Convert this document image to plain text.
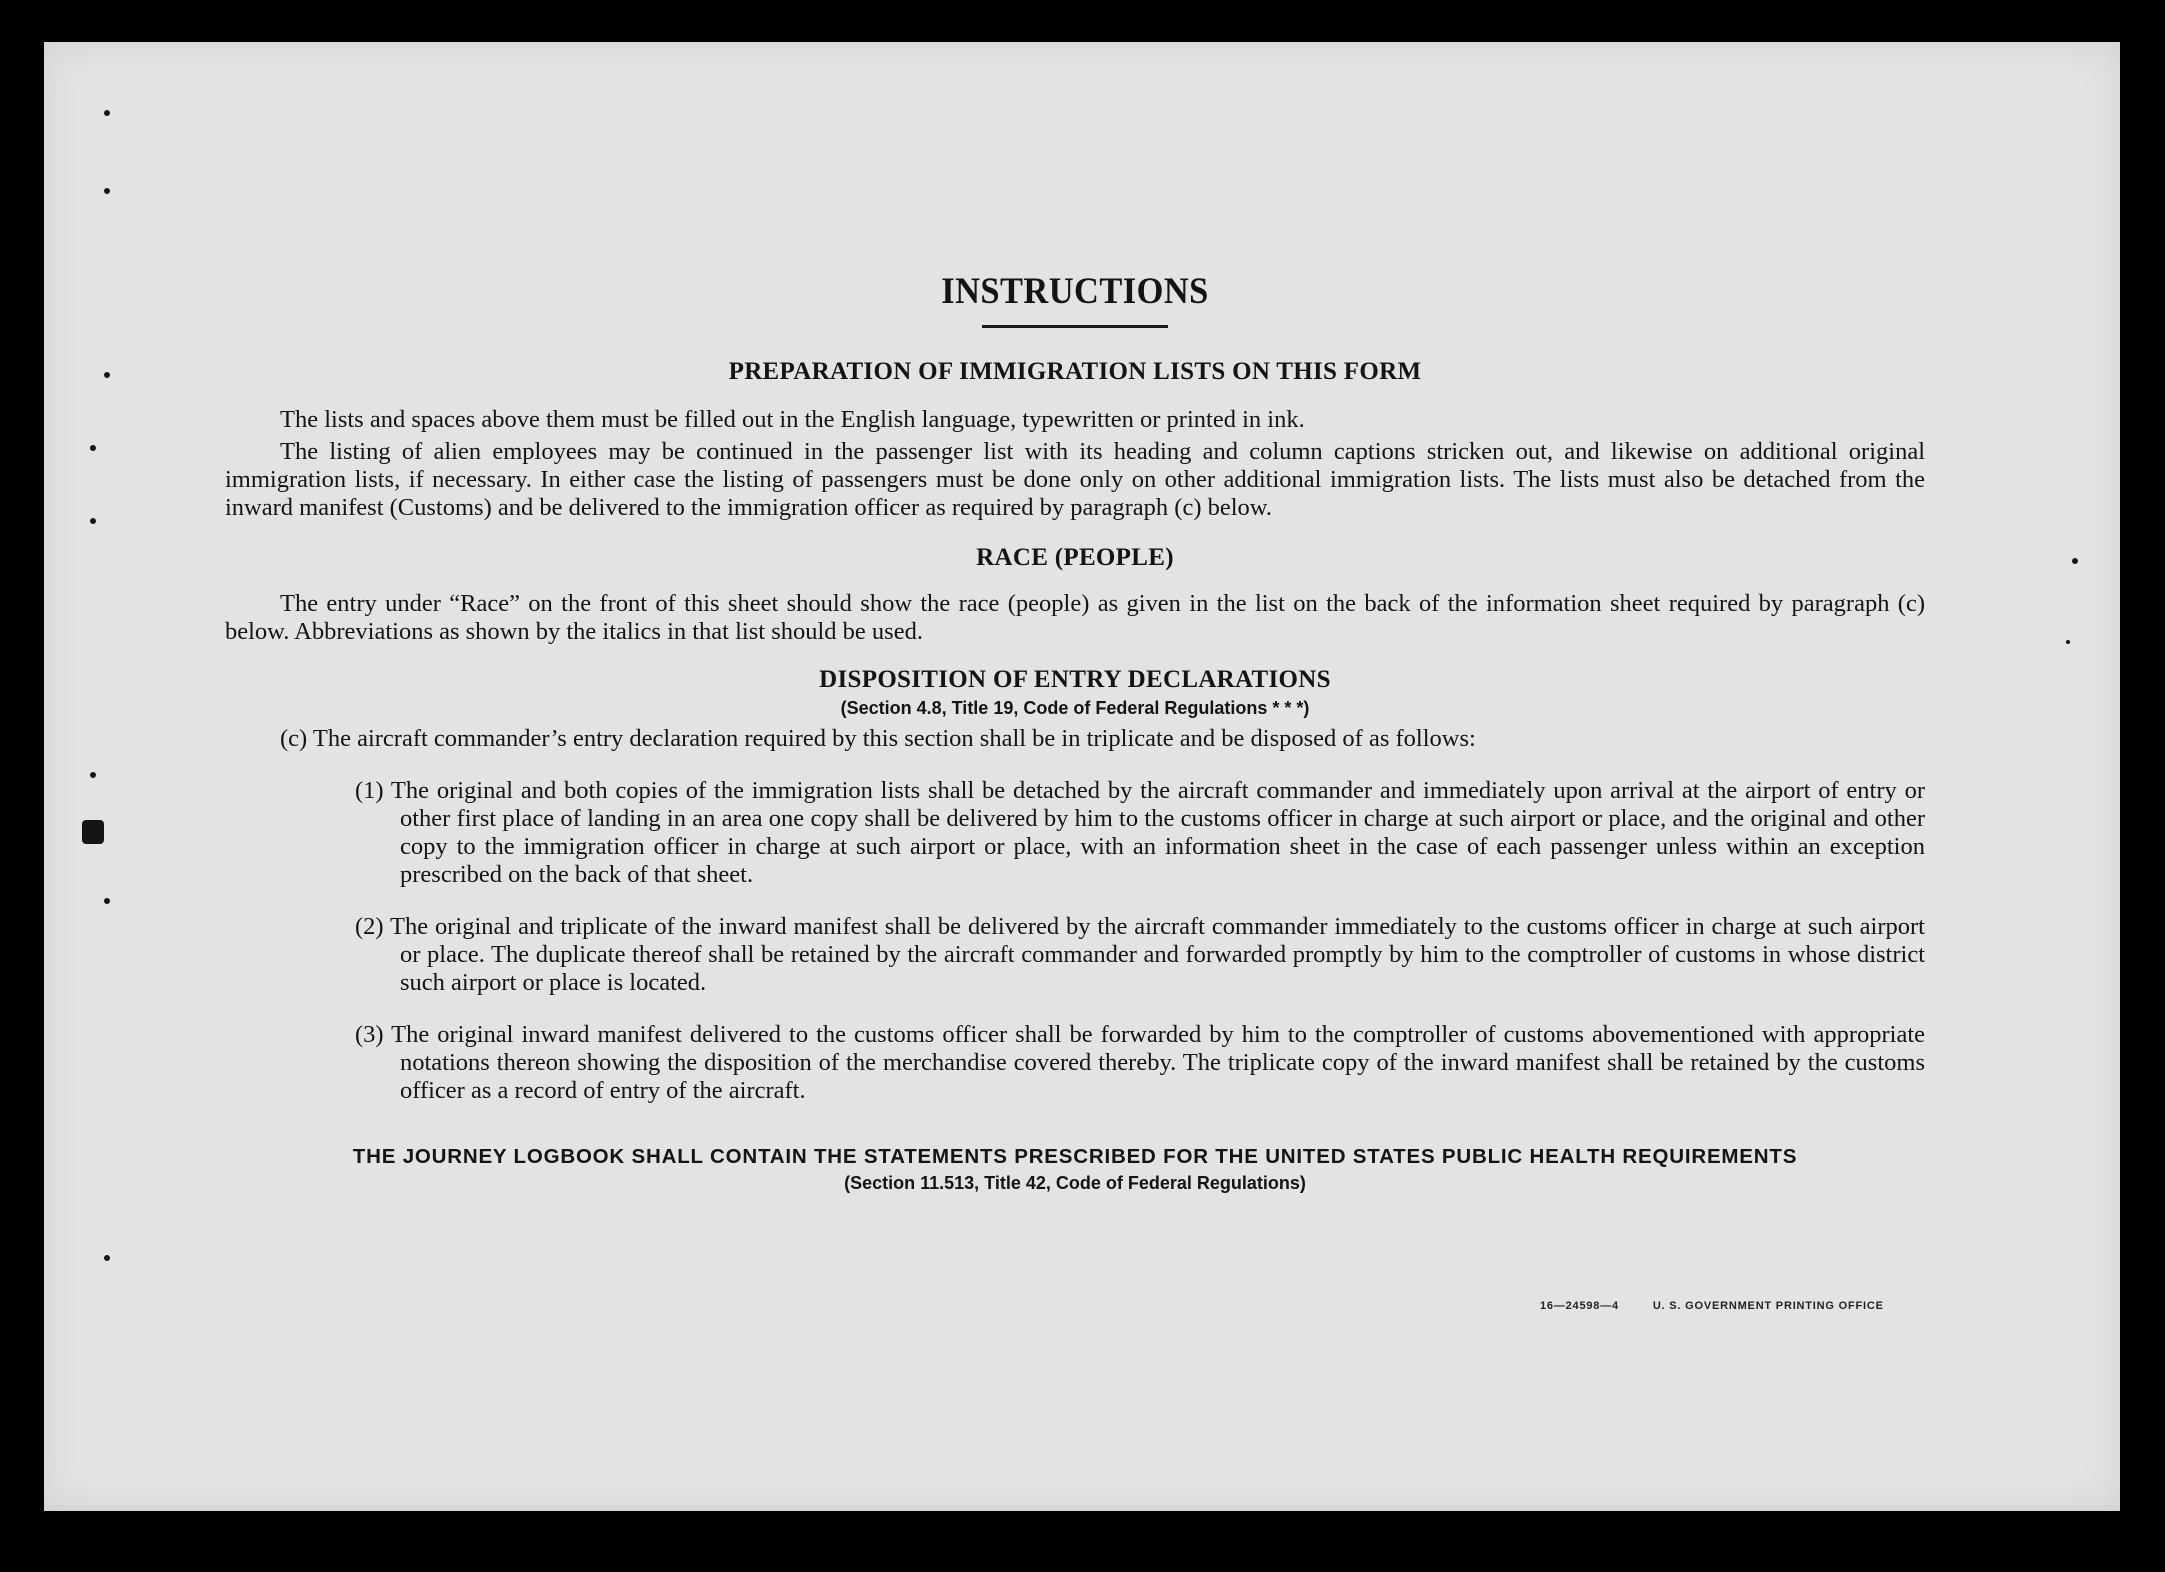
INSTRUCTIONS
PREPARATION OF IMMIGRATION LISTS ON THIS FORM

The lists and spaces above them must be filled out in the English language, typewritten or printed in ink.

The listing of alien employees may be continued in the passenger list with its heading and column captions stricken out, and likewise on additional original immigration lists, if necessary. In either case the listing of passengers must be done only on other additional immigration lists. The lists must also be detached from the inward manifest (Customs) and be delivered to the immigration officer as required by paragraph (c) below.

RACE (PEOPLE)

The entry under “Race” on the front of this sheet should show the race (people) as given in the list on the back of the information sheet required by paragraph (c) below. Abbreviations as shown by the italics in that list should be used.

DISPOSITION OF ENTRY DECLARATIONS
(Section 4.8, Title 19, Code of Federal Regulations * * *)

(c) The aircraft commander’s entry declaration required by this section shall be in triplicate and be disposed of as follows:

(1) The original and both copies of the immigration lists shall be detached by the aircraft commander and immediately upon arrival at the airport of entry or other first place of landing in an area one copy shall be delivered by him to the customs officer in charge at such airport or place, and the original and other copy to the immigration officer in charge at such airport or place, with an information sheet in the case of each passenger unless within an exception prescribed on the back of that sheet.

(2) The original and triplicate of the inward manifest shall be delivered by the aircraft commander immediately to the customs officer in charge at such airport or place. The duplicate thereof shall be retained by the aircraft commander and forwarded promptly by him to the comptroller of customs in whose district such airport or place is located.

(3) The original inward manifest delivered to the customs officer shall be forwarded by him to the comptroller of customs abovementioned with appropriate notations thereon showing the disposition of the merchandise covered thereby. The triplicate copy of the inward manifest shall be retained by the customs officer as a record of entry of the aircraft.

THE JOURNEY LOGBOOK SHALL CONTAIN THE STATEMENTS PRESCRIBED FOR THE UNITED STATES PUBLIC HEALTH REQUIREMENTS
(Section 11.513, Title 42, Code of Federal Regulations)
16—24598—4	U. S. GOVERNMENT PRINTING OFFICE
